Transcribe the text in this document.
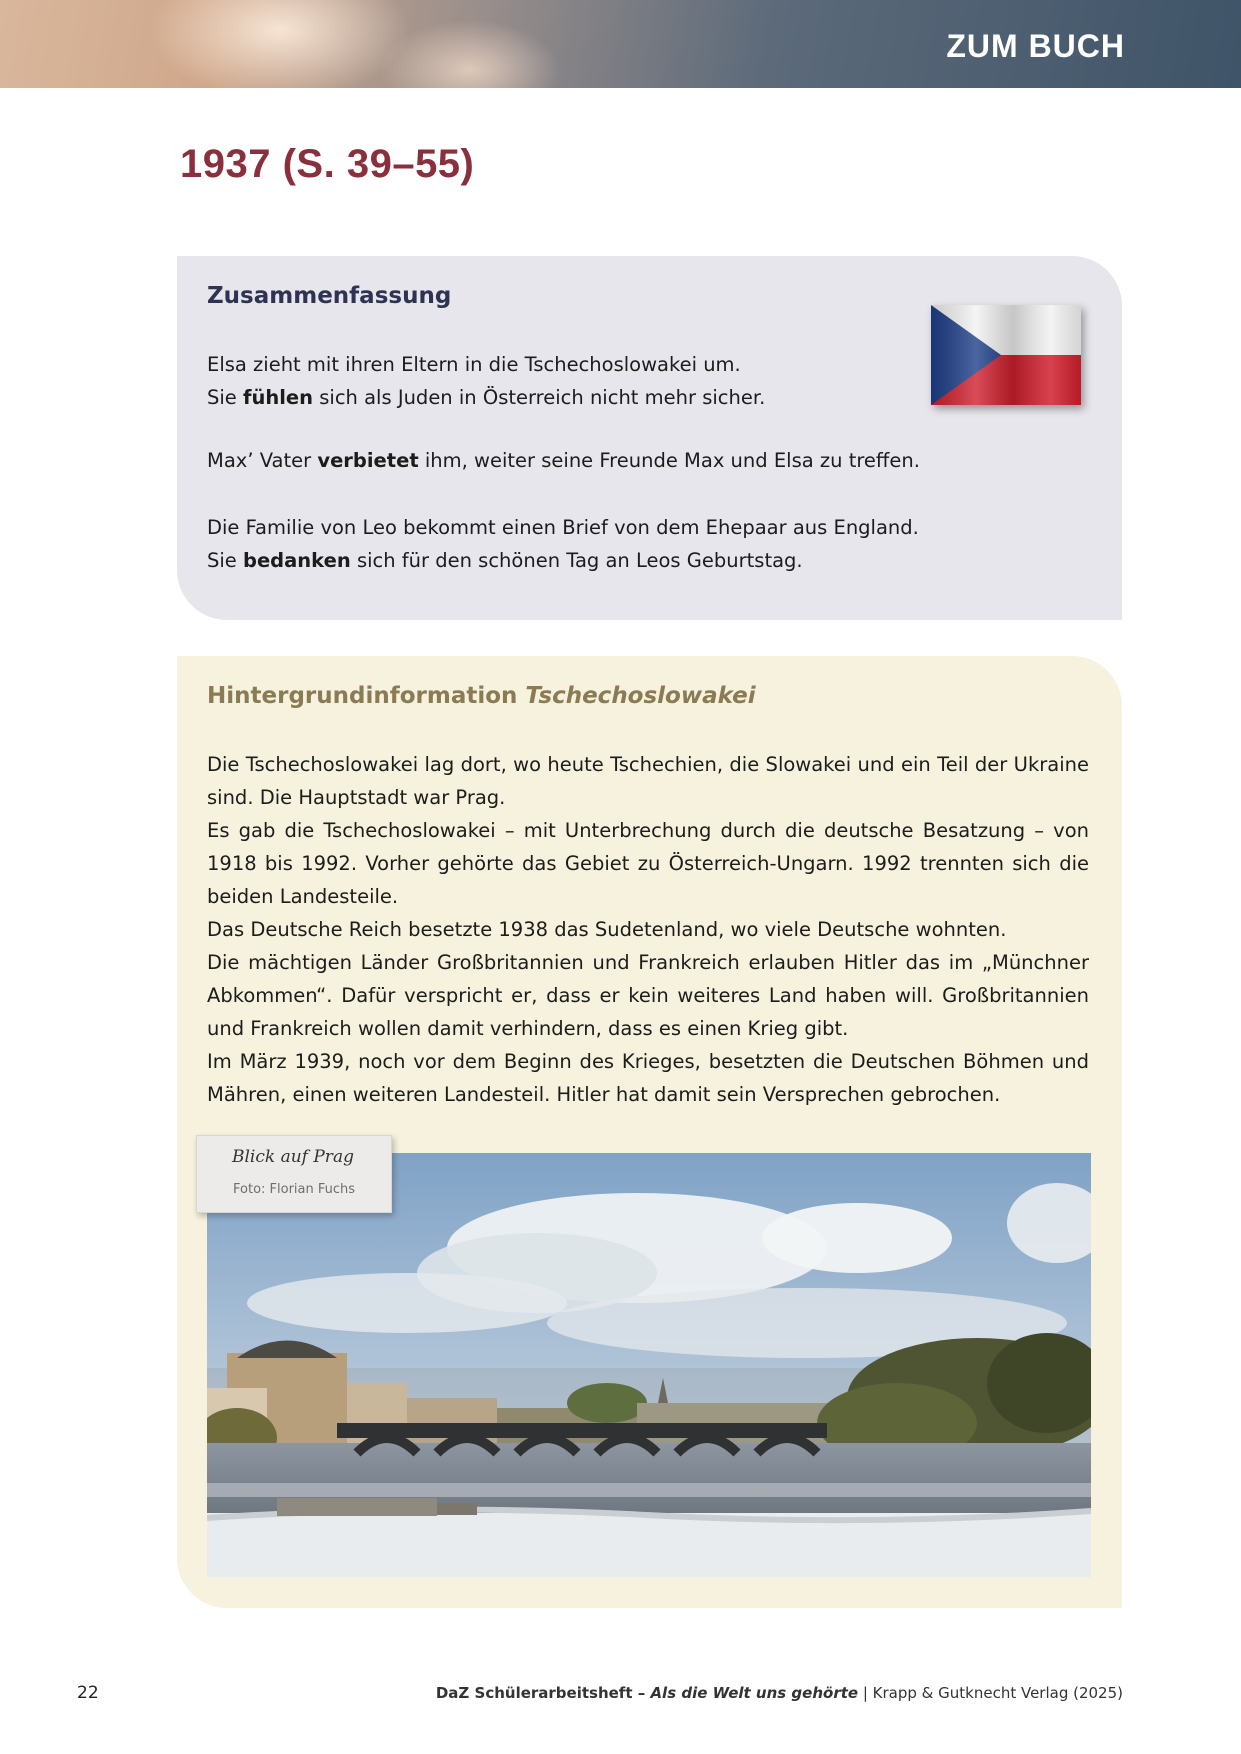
ZUM BUCH
1937 (S. 39–55)
Zusammenfassung

Elsa zieht mit ihren Eltern in die Tschechoslowakei um.
Sie fühlen sich als Juden in Österreich nicht mehr sicher.

Max’ Vater verbietet ihm, weiter seine Freunde Max und Elsa zu treffen.

Die Familie von Leo bekommt einen Brief von dem Ehepaar aus England.
Sie bedanken sich für den schönen Tag an Leos Geburtstag.

Hintergrundinformation Tschechoslowakei

Die Tschechoslowakei lag dort, wo heute Tschechien, die Slowakei und ein Teil der Ukraine sind. Die Hauptstadt war Prag.
Es gab die Tschechoslowakei – mit Unterbrechung durch die deutsche Besatzung – von 1918 bis 1992. Vorher gehörte das Gebiet zu Österreich-Ungarn. 1992 trennten sich die beiden Landesteile.
Das Deutsche Reich besetzte 1938 das Sudetenland, wo viele Deutsche wohnten.
Die mächtigen Länder Großbritannien und Frankreich erlauben Hitler das im „Münchner Abkommen“. Dafür verspricht er, dass er kein weiteres Land haben will. Großbritannien und Frankreich wollen damit verhindern, dass es einen Krieg gibt.
Im März 1939, noch vor dem Beginn des Krieges, besetzten die Deutschen Böhmen und Mähren, einen weiteren Landesteil. Hitler hat damit sein Versprechen gebrochen.

Blick auf Prag

Foto: Florian Fuchs

22	DaZ Schülerarbeitsheft – Als die Welt uns gehörte | Krapp & Gutknecht Verlag (2025)
